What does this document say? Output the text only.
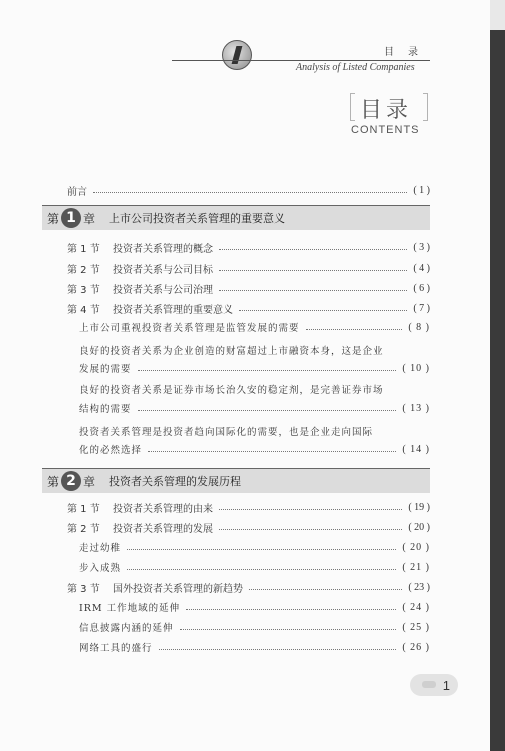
目录
Analysis of Listed Companies
目录
CONTENTS
前言	( 1 )
第 1 章 上市公司投资者关系管理的重要意义
第 1 节	投资者关系管理的概念	( 3 )
第 2 节	投资者关系与公司目标	( 4 )
第 3 节	投资者关系与公司治理	( 6 )
第 4 节	投资者关系管理的重要意义	( 7 )
上市公司重视投资者关系管理是监管发展的需要	( 8 )
良好的投资者关系为企业创造的财富超过上市融资本身，这是企业
发展的需要	( 10 )
良好的投资者关系是证券市场长治久安的稳定剂，是完善证券市场
结构的需要	( 13 )
投资者关系管理是投资者趋向国际化的需要，也是企业走向国际
化的必然选择	( 14 )
第 2 章 投资者关系管理的发展历程
第 1 节	投资者关系管理的由来	( 19 )
第 2 节	投资者关系管理的发展	( 20 )
走过幼稚	( 20 )
步入成熟	( 21 )
第 3 节	国外投资者关系管理的新趋势	( 23 )
IRM 工作地域的延伸	( 24 )
信息披露内涵的延伸	( 25 )
网络工具的盛行	( 26 )
1
